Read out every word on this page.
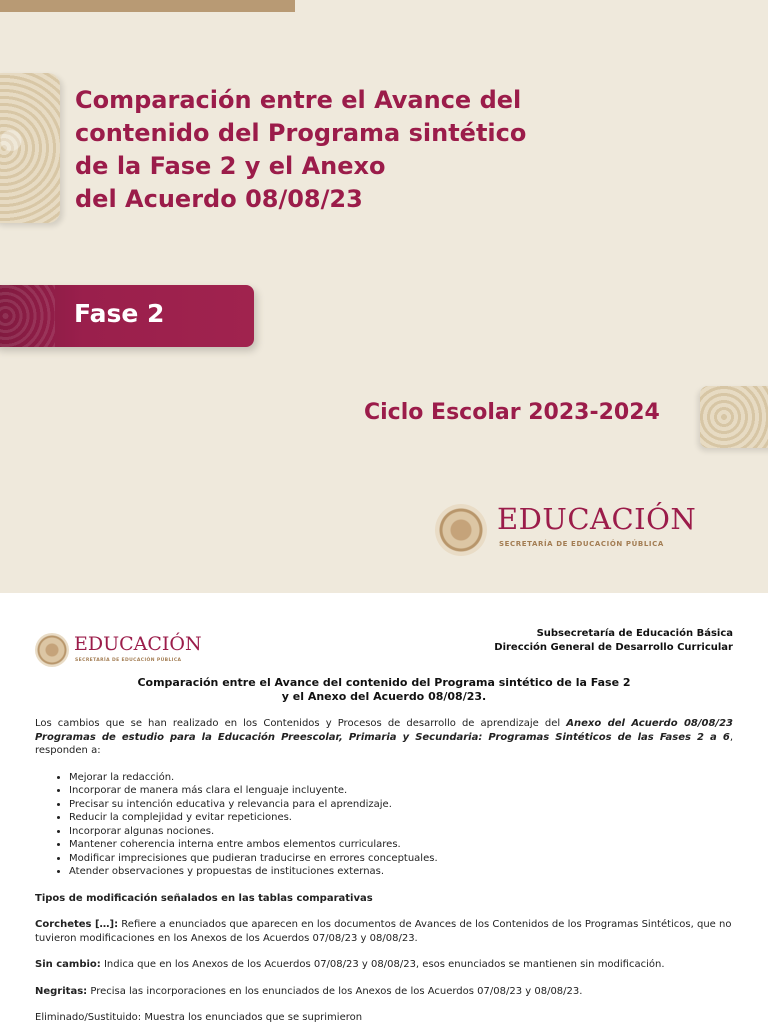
Comparación entre el Avance del
contenido del Programa sintético
de la Fase 2 y el Anexo
del Acuerdo 08/08/23
Fase 2
Ciclo Escolar 2023-2024
EDUCACIÓN
SECRETARÍA DE EDUCACIÓN PÚBLICA
EDUCACIÓN
SECRETARÍA DE EDUCACIÓN PÚBLICA
Subsecretaría de Educación Básica
Dirección General de Desarrollo Curricular
Comparación entre el Avance del contenido del Programa sintético de la Fase 2
y el Anexo del Acuerdo 08/08/23.

Los cambios que se han realizado en los Contenidos y Procesos de desarrollo de aprendizaje del Anexo del Acuerdo 08/08/23 Programas de estudio para la Educación Preescolar, Primaria y Secundaria: Programas Sintéticos de las Fases 2 a 6, responden a:

• Mejorar la redacción.
• Incorporar de manera más clara el lenguaje incluyente.
• Precisar su intención educativa y relevancia para el aprendizaje.
• Reducir la complejidad y evitar repeticiones.
• Incorporar algunas nociones.
• Mantener coherencia interna entre ambos elementos curriculares.
• Modificar imprecisiones que pudieran traducirse en errores conceptuales.
• Atender observaciones y propuestas de instituciones externas.

Tipos de modificación señalados en las tablas comparativas

Corchetes […]: Refiere a enunciados que aparecen en los documentos de Avances de los Contenidos de los Programas Sintéticos, que no tuvieron modificaciones en los Anexos de los Acuerdos 07/08/23 y 08/08/23.

Sin cambio: Indica que en los Anexos de los Acuerdos 07/08/23 y 08/08/23, esos enunciados se mantienen sin modificación.

Negritas: Precisa las incorporaciones en los enunciados de los Anexos de los Acuerdos 07/08/23 y 08/08/23.

Eliminado/Sustituido: Muestra los enunciados que se suprimieron
